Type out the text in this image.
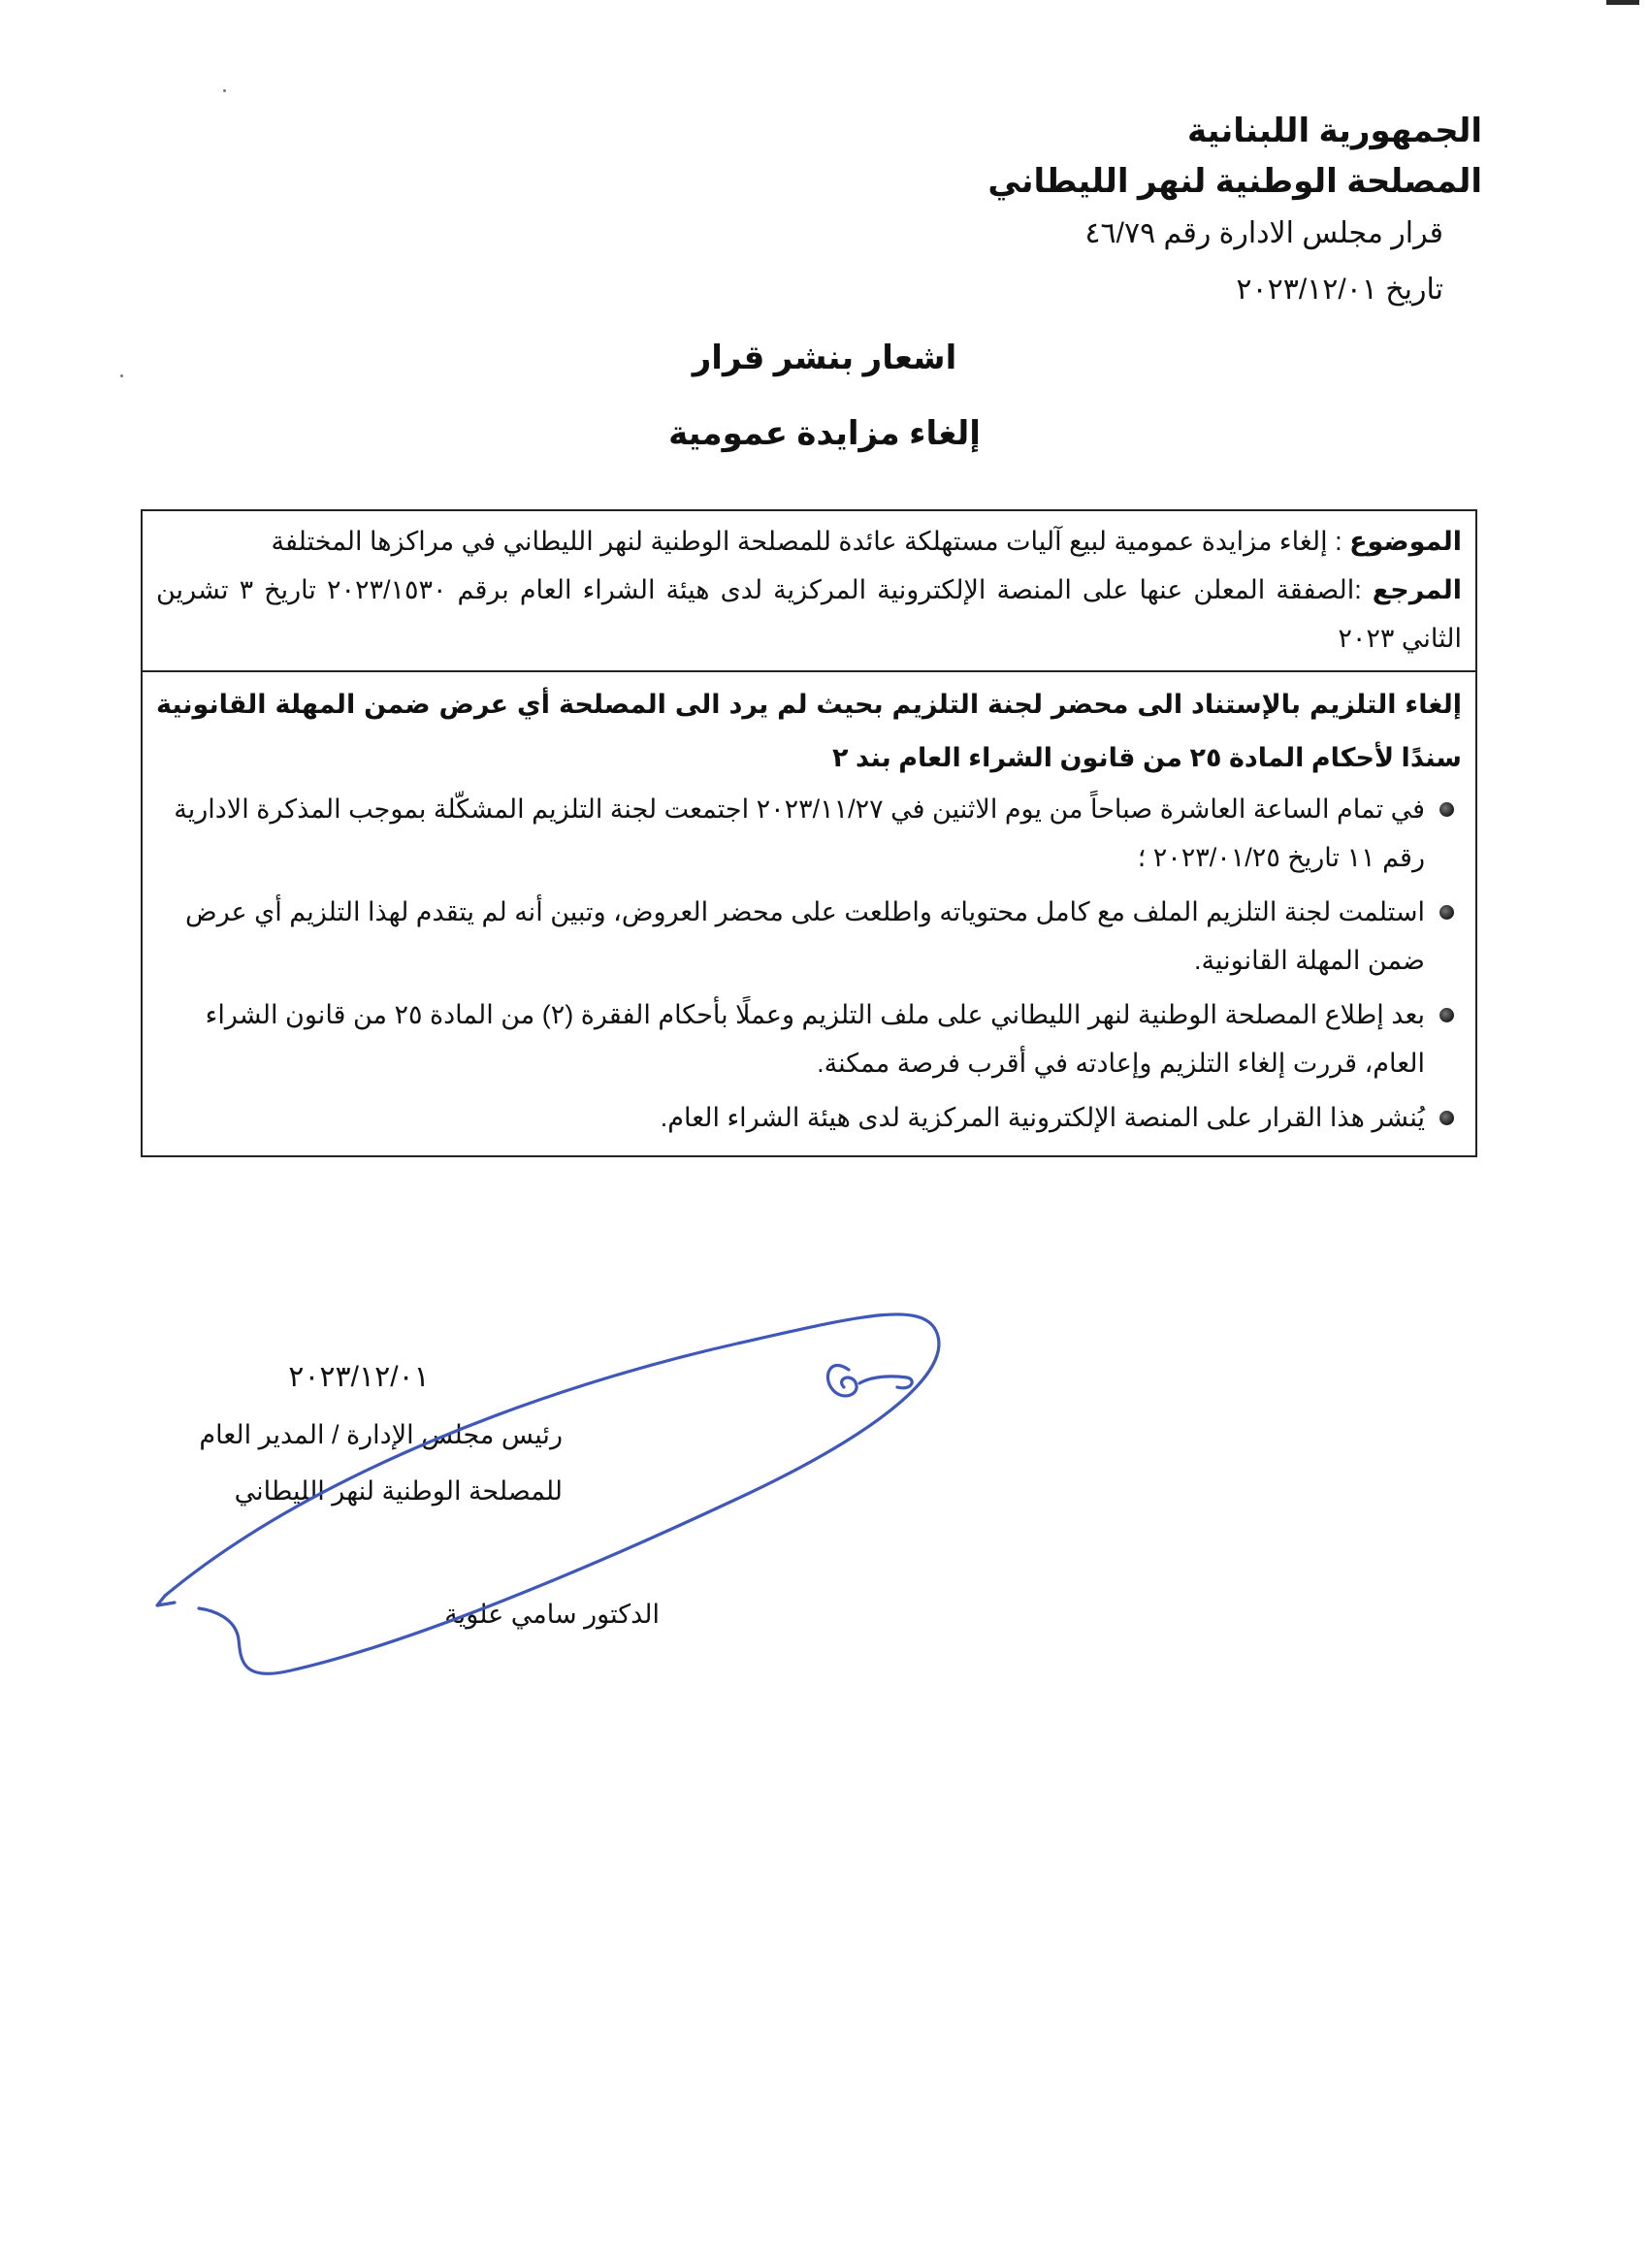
الجمهورية اللبنانية
المصلحة الوطنية لنهر الليطاني
قرار مجلس الادارة رقم ٤٦/٧٩
تاريخ ٢٠٢٣/١٢/٠١
اشعار بنشر قرار
إلغاء مزايدة عمومية

الموضوع : إلغاء مزايدة عمومية لبيع آليات مستهلكة عائدة للمصلحة الوطنية لنهر الليطاني في مراكزها المختلفة

المرجع :الصفقة المعلن عنها على المنصة الإلكترونية المركزية لدى هيئة الشراء العام برقم ٢٠٢٣/١٥٣٠ تاريخ ٣ تشرين الثاني ٢٠٢٣

إلغاء التلزيم بالإستناد الى محضر لجنة التلزيم بحيث لم يرد الى المصلحة أي عرض ضمن المهلة القانونية سندًا لأحكام المادة ٢٥ من قانون الشراء العام بند ٢

في تمام الساعة العاشرة صباحاً من يوم الاثنين في ٢٠٢٣/١١/٢٧ اجتمعت لجنة التلزيم المشكّلة بموجب المذكرة الادارية رقم ١١ تاريخ ٢٠٢٣/٠١/٢٥ ؛
استلمت لجنة التلزيم الملف مع كامل محتوياته واطلعت على محضر العروض، وتبين أنه لم يتقدم لهذا التلزيم أي عرض ضمن المهلة القانونية.
بعد إطلاع المصلحة الوطنية لنهر الليطاني على ملف التلزيم وعملًا بأحكام الفقرة (٢) من المادة ٢٥ من قانون الشراء العام، قررت إلغاء التلزيم وإعادته في أقرب فرصة ممكنة.
يُنشر هذا القرار على المنصة الإلكترونية المركزية لدى هيئة الشراء العام.
٢٠٢٣/١٢/٠١
رئيس مجلس الإدارة / المدير العام
للمصلحة الوطنية لنهر الليطاني
الدكتور سامي علوية
